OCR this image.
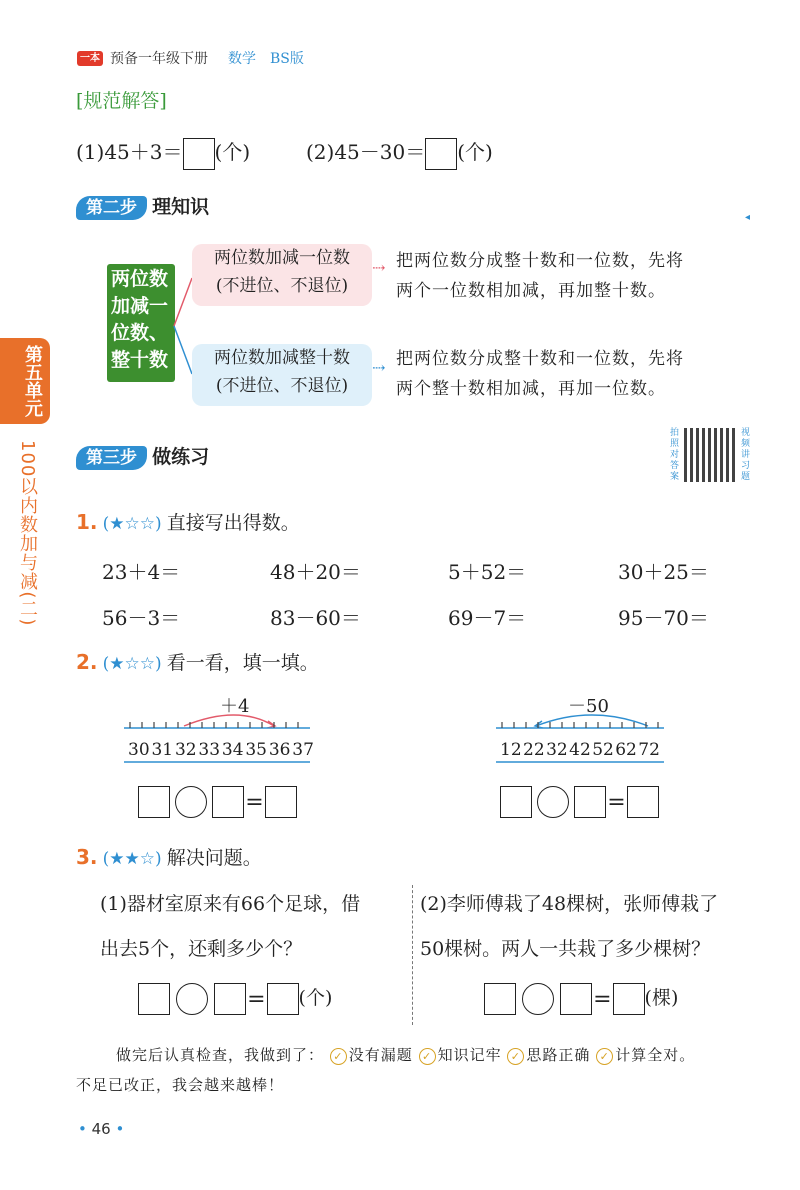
一本 预备一年级下册 数学 BS版
[规范解答]
(1)45＋3＝ (个)	(2)45－30＝ (个)
第二步 理知识	◂
两位数
加减一
位数、
整十数
两位数加减一位数
(不进位、不退位)
⇢ 把两位数分成整十数和一位数，先将
两个一位数相加减，再加整十数。
两位数加减整十数
(不进位、不退位)
⇢ 把两位数分成整十数和一位数，先将
两个整十数相加减，再加一位数。
第五单元
100以内数加与减(二)	第三步 做练习
拍照对答案
视频讲习题
1. (★☆☆) 直接写出得数。
23＋4＝	48＋20＝	5＋52＝	30＋25＝
56－3＝	83－60＝	69－7＝	95－70＝
2. (★☆☆) 看一看，填一填。
＋4
30 31 32 33 34 35 36 37
=
－50
12 22 32 42 52 62 72
=
3. (★★☆) 解决问题。
(1)器材室原来有66个足球，借
出去5个，还剩多少个？
(2)李师傅栽了48棵树，张师傅栽了
50棵树。两人一共栽了多少棵树？
= (个)	= (棵)
做完后认真检查，我做到了： ✓ 没有漏题 ✓ 知识记牢 ✓ 思路正确 ✓ 计算全对。
不足已改正，我会越来越棒！
• 46 •
